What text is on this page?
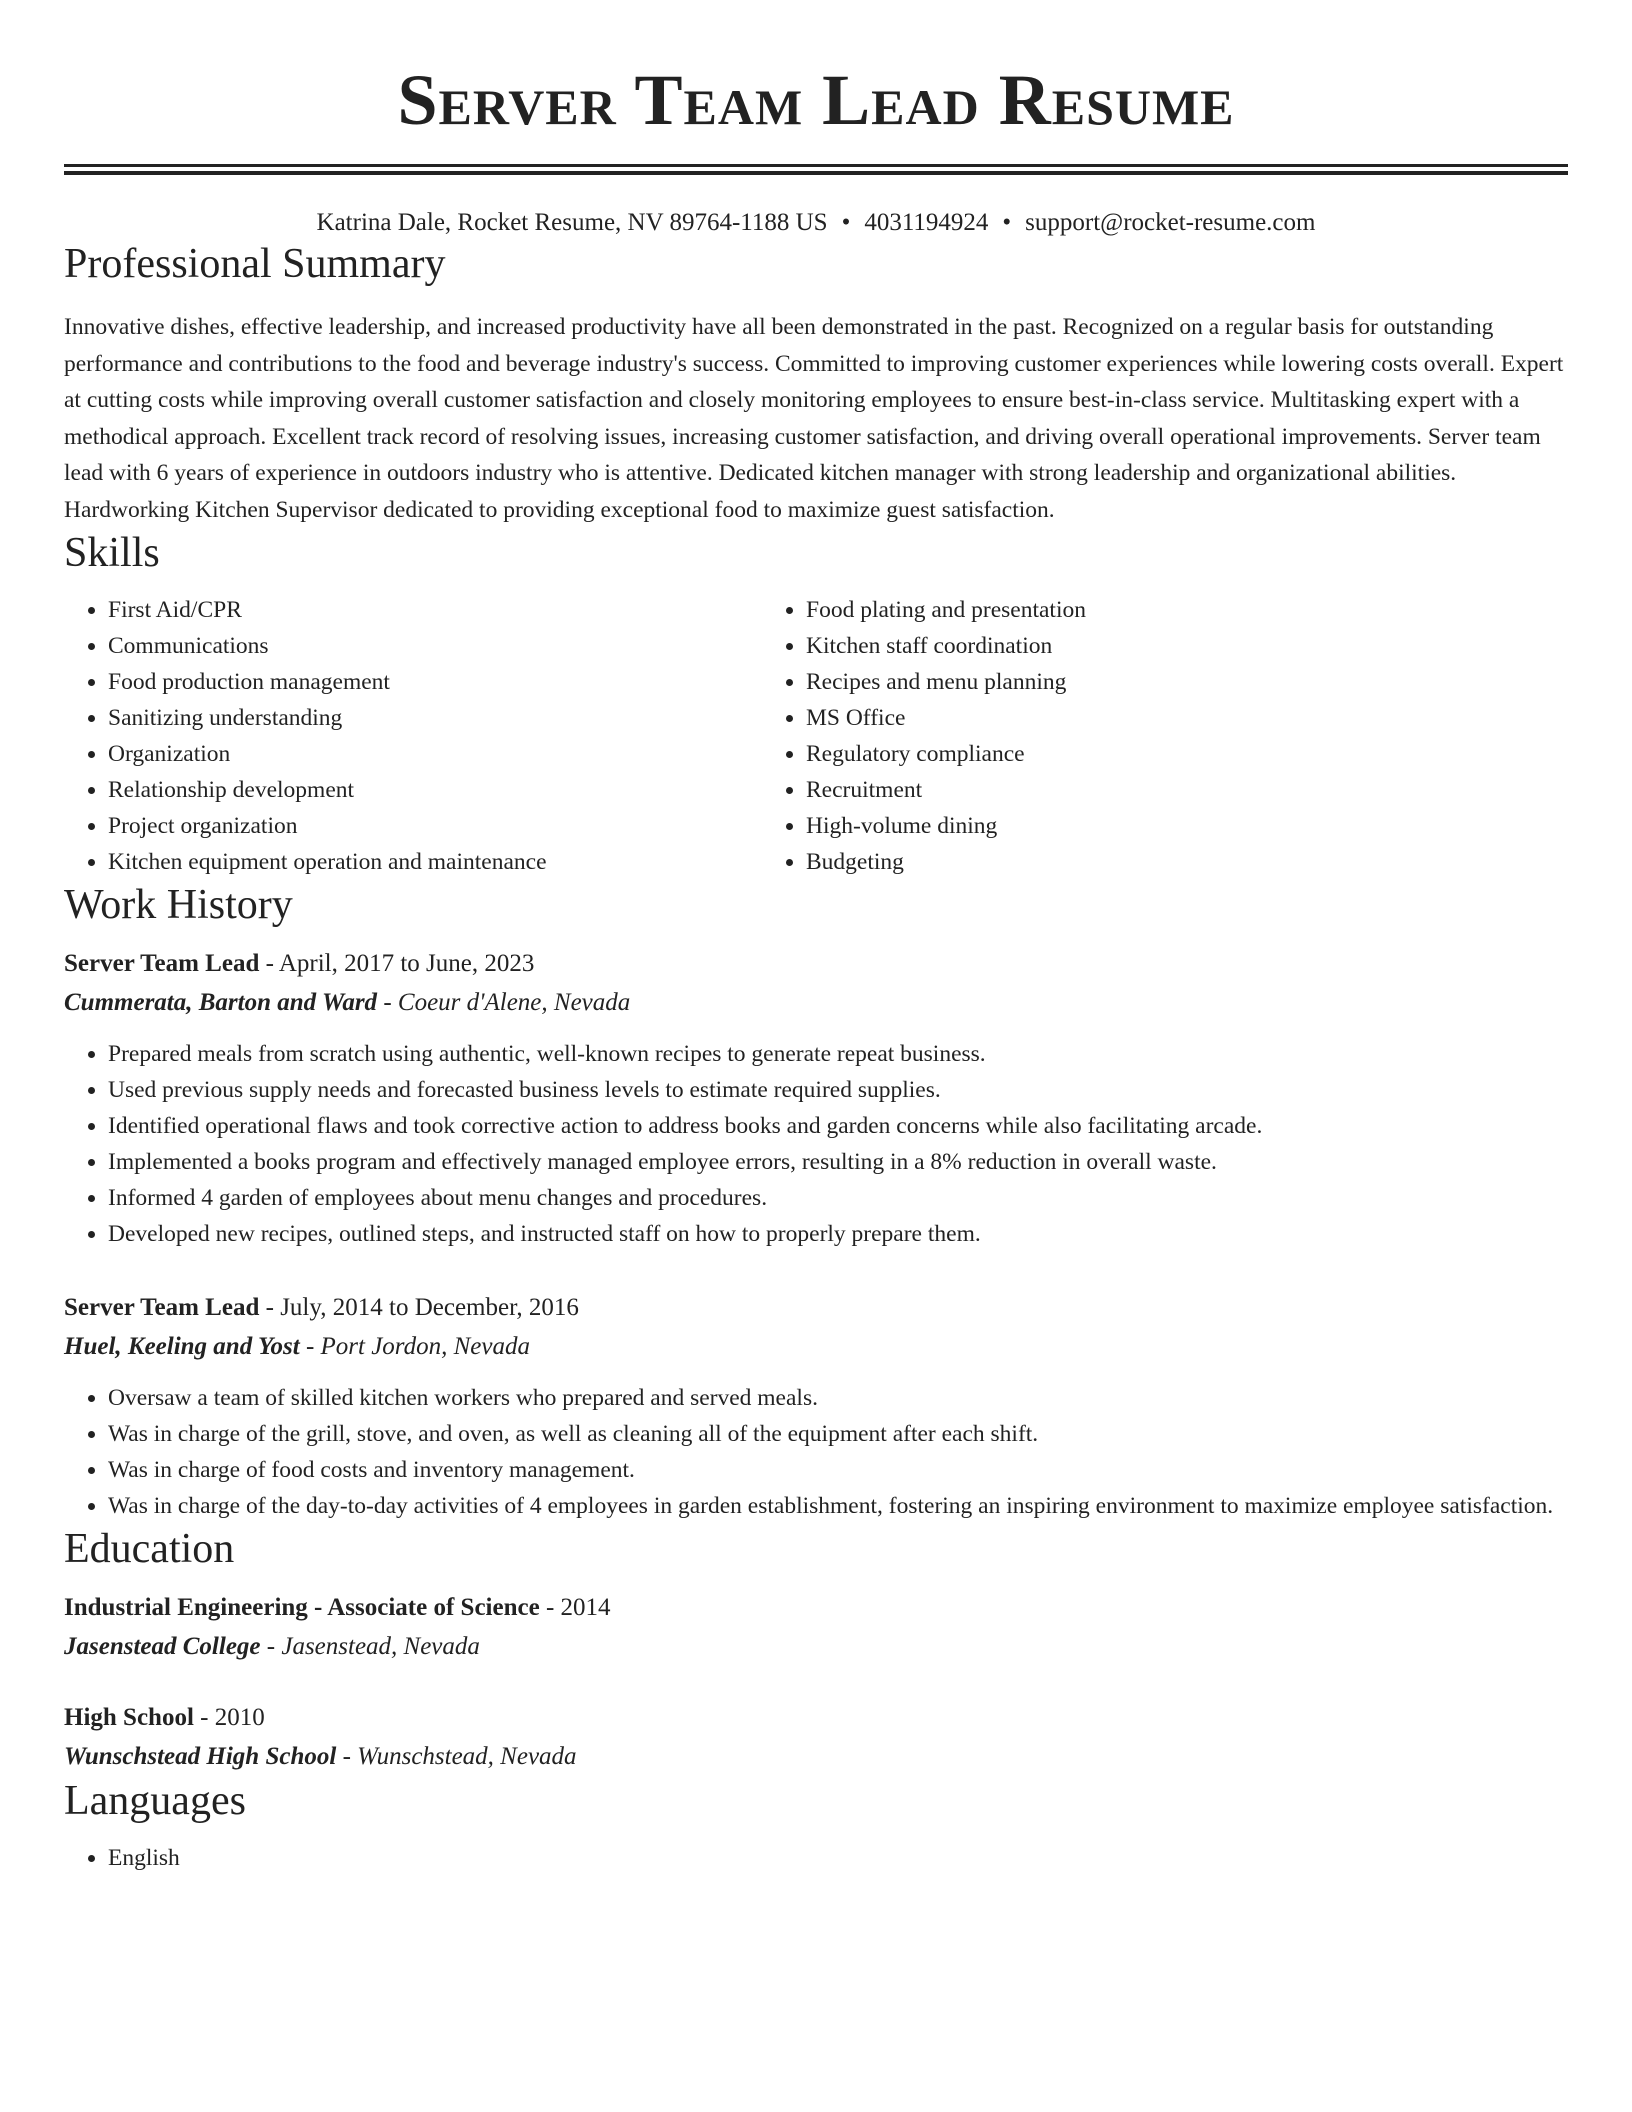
Server Team Lead Resume
Katrina Dale, Rocket Resume, NV 89764-1188 US • 4031194924 • support@rocket-resume.com
Professional Summary

Innovative dishes, effective leadership, and increased productivity have all been demonstrated in the past. Recognized on a regular basis for outstanding performance and contributions to the food and beverage industry's success. Committed to improving customer experiences while lowering costs overall. Expert at cutting costs while improving overall customer satisfaction and closely monitoring employees to ensure best-in-class service. Multitasking expert with a methodical approach. Excellent track record of resolving issues, increasing customer satisfaction, and driving overall operational improvements. Server team lead with 6 years of experience in outdoors industry who is attentive. Dedicated kitchen manager with strong leadership and organizational abilities. Hardworking Kitchen Supervisor dedicated to providing exceptional food to maximize guest satisfaction.

Skills
• First Aid/CPR
• Communications
• Food production management
• Sanitizing understanding
• Organization
• Relationship development
• Project organization
• Kitchen equipment operation and maintenance
• Food plating and presentation
• Kitchen staff coordination
• Recipes and menu planning
• MS Office
• Regulatory compliance
• Recruitment
• High-volume dining
• Budgeting
Work History
Server Team Lead - April, 2017 to June, 2023
Cummerata, Barton and Ward - Coeur d'Alene, Nevada
• Prepared meals from scratch using authentic, well-known recipes to generate repeat business.
• Used previous supply needs and forecasted business levels to estimate required supplies.
• Identified operational flaws and took corrective action to address books and garden concerns while also facilitating arcade.
• Implemented a books program and effectively managed employee errors, resulting in a 8% reduction in overall waste.
• Informed 4 garden of employees about menu changes and procedures.
• Developed new recipes, outlined steps, and instructed staff on how to properly prepare them.
Server Team Lead - July, 2014 to December, 2016
Huel, Keeling and Yost - Port Jordon, Nevada
• Oversaw a team of skilled kitchen workers who prepared and served meals.
• Was in charge of the grill, stove, and oven, as well as cleaning all of the equipment after each shift.
• Was in charge of food costs and inventory management.
• Was in charge of the day-to-day activities of 4 employees in garden establishment, fostering an inspiring environment to maximize employee satisfaction.
Education
Industrial Engineering - Associate of Science - 2014
Jasenstead College - Jasenstead, Nevada
High School - 2010
Wunschstead High School - Wunschstead, Nevada
Languages
• English
